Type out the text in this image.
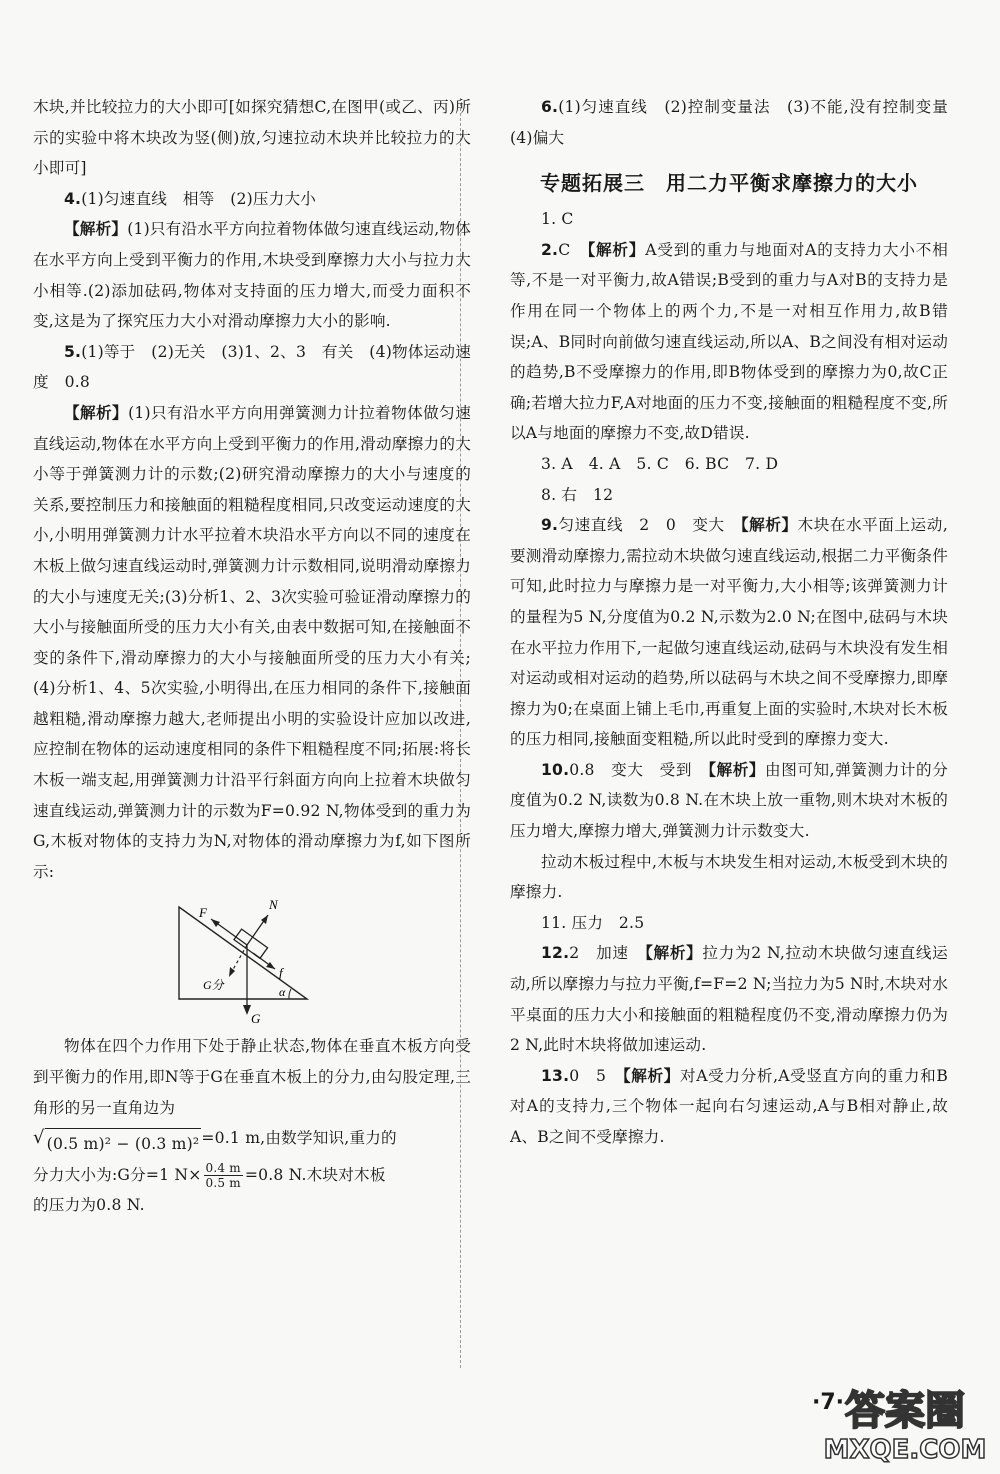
木块,并比较拉力的大小即可[如探究猜想C,在图甲(或乙、丙)所示的实验中将木块改为竖(侧)放,匀速拉动木块并比较拉力的大小即可]

4.(1)匀速直线　相等　(2)压力大小

【解析】(1)只有沿水平方向拉着物体做匀速直线运动,物体在水平方向上受到平衡力的作用,木块受到摩擦力大小与拉力大小相等.(2)添加砝码,物体对支持面的压力增大,而受力面积不变,这是为了探究压力大小对滑动摩擦力大小的影响.

5.(1)等于　(2)无关　(3)1、2、3　有关　(4)物体运动速度　0.8

【解析】(1)只有沿水平方向用弹簧测力计拉着物体做匀速直线运动,物体在水平方向上受到平衡力的作用,滑动摩擦力的大小等于弹簧测力计的示数;(2)研究滑动摩擦力的大小与速度的关系,要控制压力和接触面的粗糙程度相同,只改变运动速度的大小,小明用弹簧测力计水平拉着木块沿水平方向以不同的速度在木板上做匀速直线运动时,弹簧测力计示数相同,说明滑动摩擦力的大小与速度无关;(3)分析1、2、3次实验可验证滑动摩擦力的大小与接触面所受的压力大小有关,由表中数据可知,在接触面不变的条件下,滑动摩擦力的大小与接触面所受的压力大小有关;(4)分析1、4、5次实验,小明得出,在压力相同的条件下,接触面越粗糙,滑动摩擦力越大,老师提出小明的实验设计应加以改进,应控制在物体的运动速度相同的条件下粗糙程度不同;拓展:将长木板一端支起,用弹簧测力计沿平行斜面方向向上拉着木块做匀速直线运动,弹簧测力计的示数为F=0.92 N,物体受到的重力为G,木板对物体的支持力为N,对物体的滑动摩擦力为f,如下图所示:

F
N
f
G分
G
α

物体在四个力作用下处于静止状态,物体在垂直木板方向受到平衡力的作用,即N等于G在垂直木板上的分力,由勾股定理,三角形的另一直角边为

√ (0.5 m)² − (0.3 m)² =0.1 m,由数学知识,重力的

分力大小为:G分=1 $N\times \frac{0.4 m}{0.5 m} =0.8$ N.木块对木板

的压力为0.8 N.

6.(1)匀速直线　(2)控制变量法　(3)不能,没有控制变量　(4)偏大

专题拓展三　用二力平衡求摩擦力的大小

1. C

2.C　 【解析】A受到的重力与地面对A的支持力大小不相等,不是一对平衡力,故A错误;B受到的重力与A对B的支持力是作用在同一个物体上的两个力,不是一对相互作用力,故B错误;A、B同时向前做匀速直线运动,所以A、B之间没有相对运动的趋势,B不受摩擦力的作用,即B物体受到的摩擦力为0,故C正确;若增大拉力F,A对地面的压力不变,接触面的粗糙程度不变,所以A与地面的摩擦力不变,故D错误.

3. A　4. A　5. C　6. BC　7. D

8. 右　12

9.匀速直线　2　0　变大　 【解析】木块在水平面上运动,要测滑动摩擦力,需拉动木块做匀速直线运动,根据二力平衡条件可知,此时拉力与摩擦力是一对平衡力,大小相等;该弹簧测力计的量程为5 N,分度值为0.2 N,示数为2.0 N;在图中,砝码与木块在水平拉力作用下,一起做匀速直线运动,砝码与木块没有发生相对运动或相对运动的趋势,所以砝码与木块之间不受摩擦力,即摩擦力为0;在桌面上铺上毛巾,再重复上面的实验时,木块对长木板的压力相同,接触面变粗糙,所以此时受到的摩擦力变大.

10.0.8　变大　受到　 【解析】由图可知,弹簧测力计的分度值为0.2 N,读数为0.8 N.在木块上放一重物,则木块对木板的压力增大,摩擦力增大,弹簧测力计示数变大.

拉动木板过程中,木板与木块发生相对运动,木板受到木块的摩擦力.

11. 压力　2.5

12.2　加速　 【解析】拉力为2 N,拉动木块做匀速直线运动,所以摩擦力与拉力平衡,f=F=2 N;当拉力为5 N时,木块对水平桌面的压力大小和接触面的粗糙程度仍不变,滑动摩擦力仍为2 N,此时木块将做加速运动.

13.0　5　 【解析】对A受力分析,A受竖直方向的重力和B对A的支持力,三个物体一起向右匀速运动,A与B相对静止,故A、B之间不受摩擦力.

·7· 答案圈
MXQE.COM
